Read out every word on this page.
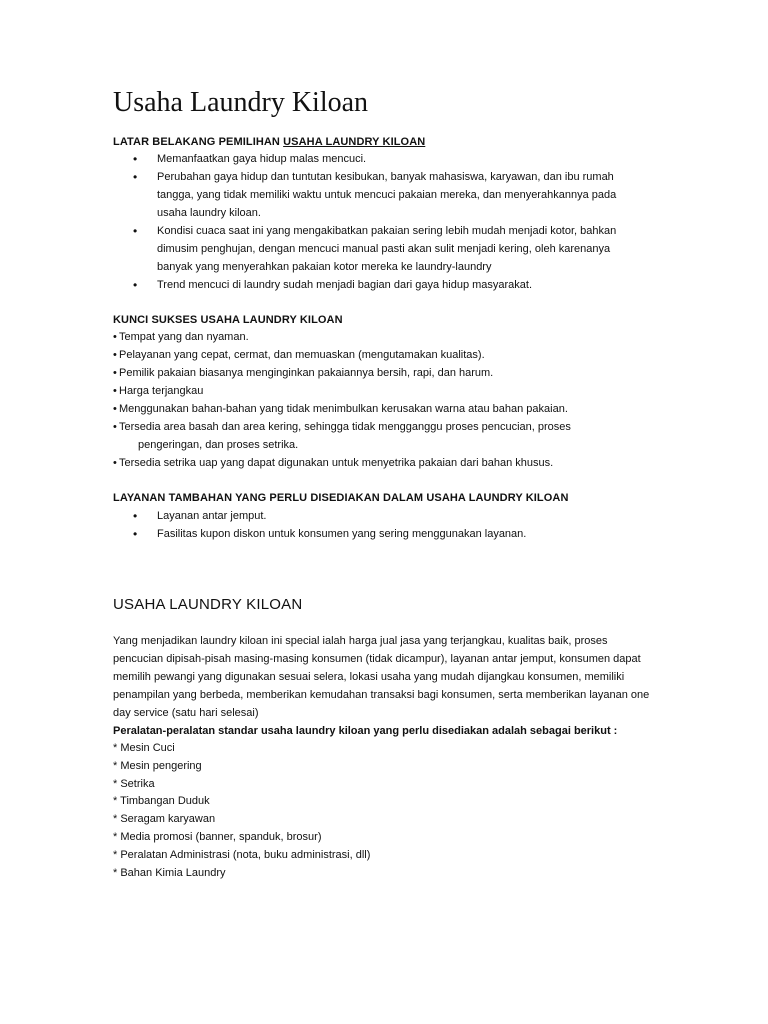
Usaha Laundry Kiloan

LATAR BELAKANG PEMILIHAN USAHA LAUNDRY KILOAN

• Memanfaatkan gaya hidup malas mencuci.
• Perubahan gaya hidup dan tuntutan kesibukan, banyak mahasiswa, karyawan, dan ibu rumah tangga, yang tidak memiliki waktu untuk mencuci pakaian mereka, dan menyerahkannya pada usaha laundry kiloan.
• Kondisi cuaca saat ini yang mengakibatkan pakaian sering lebih mudah menjadi kotor, bahkan dimusim penghujan, dengan mencuci manual pasti akan sulit menjadi kering, oleh karenanya banyak yang menyerahkan pakaian kotor mereka ke laundry-laundry
• Trend mencuci di laundry sudah menjadi bagian dari gaya hidup masyarakat.

KUNCI SUKSES USAHA LAUNDRY KILOAN

• Tempat yang dan nyaman.
• Pelayanan yang cepat, cermat, dan memuaskan (mengutamakan kualitas).
• Pemilik pakaian biasanya menginginkan pakaiannya bersih, rapi, dan harum.
• Harga terjangkau
• Menggunakan bahan-bahan yang tidak menimbulkan kerusakan warna atau bahan pakaian.
• Tersedia area basah dan area kering, sehingga tidak mengganggu proses pencucian, proses
pengeringan, dan proses setrika.
• Tersedia setrika uap yang dapat digunakan untuk menyetrika pakaian dari bahan khusus.

LAYANAN TAMBAHAN YANG PERLU DISEDIAKAN DALAM USAHA LAUNDRY KILOAN

• Layanan antar jemput.
• Fasilitas kupon diskon untuk konsumen yang sering menggunakan layanan.
USAHA LAUNDRY KILOAN

Yang menjadikan laundry kiloan ini special ialah harga jual jasa yang terjangkau, kualitas baik, proses pencucian dipisah-pisah masing-masing konsumen (tidak dicampur), layanan antar jemput, konsumen dapat memilih pewangi yang digunakan sesuai selera, lokasi usaha yang mudah dijangkau konsumen, memiliki penampilan yang berbeda, memberikan kemudahan transaksi bagi konsumen, serta memberikan layanan one day service (satu hari selesai)

Peralatan-peralatan standar usaha laundry kiloan yang perlu disediakan adalah sebagai berikut :

* Mesin Cuci
* Mesin pengering
* Setrika
* Timbangan Duduk
* Seragam karyawan
* Media promosi (banner, spanduk, brosur)
* Peralatan Administrasi (nota, buku administrasi, dll)
* Bahan Kimia Laundry
